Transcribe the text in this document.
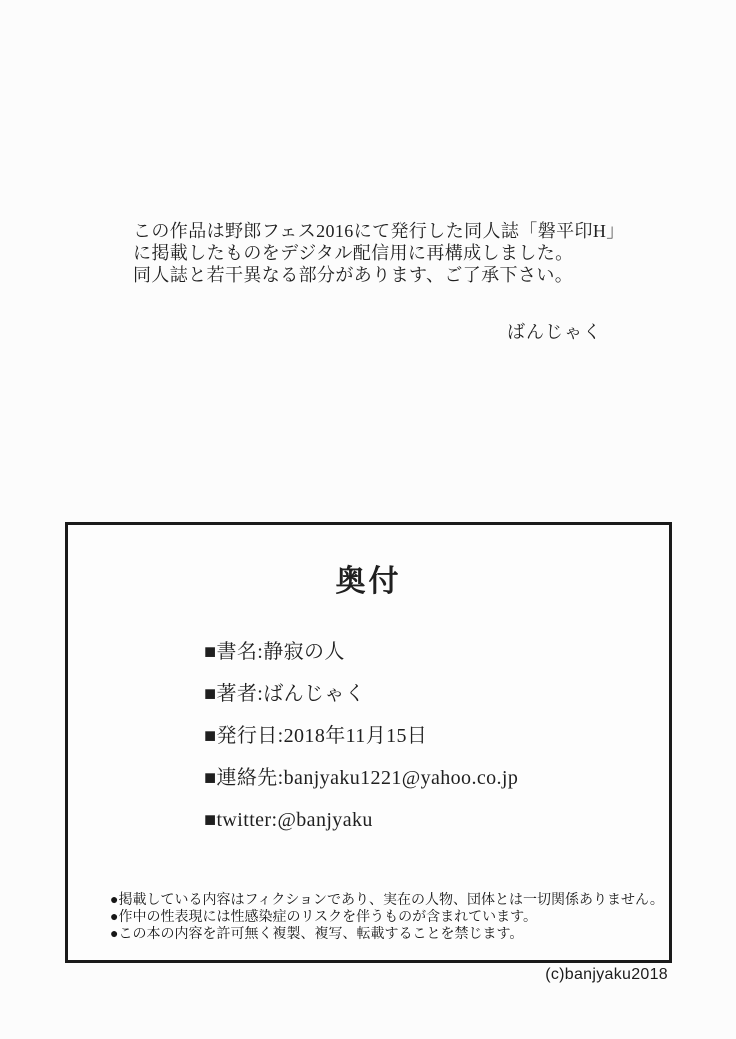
この作品は野郎フェス2016にて発行した同人誌「磐平印H」
に掲載したものをデジタル配信用に再構成しました。
同人誌と若干異なる部分があります、ご了承下さい。
ばんじゃく
奥付
■書名:静寂の人
■著者:ばんじゃく
■発行日:2018年11月15日
■連絡先:banjyaku1221@yahoo.co.jp
■twitter:@banjyaku
●掲載している内容はフィクションであり、実在の人物、団体とは一切関係ありません。
●作中の性表現には性感染症のリスクを伴うものが含まれています。
●この本の内容を許可無く複製、複写、転載することを禁じます。
(c)banjyaku2018
